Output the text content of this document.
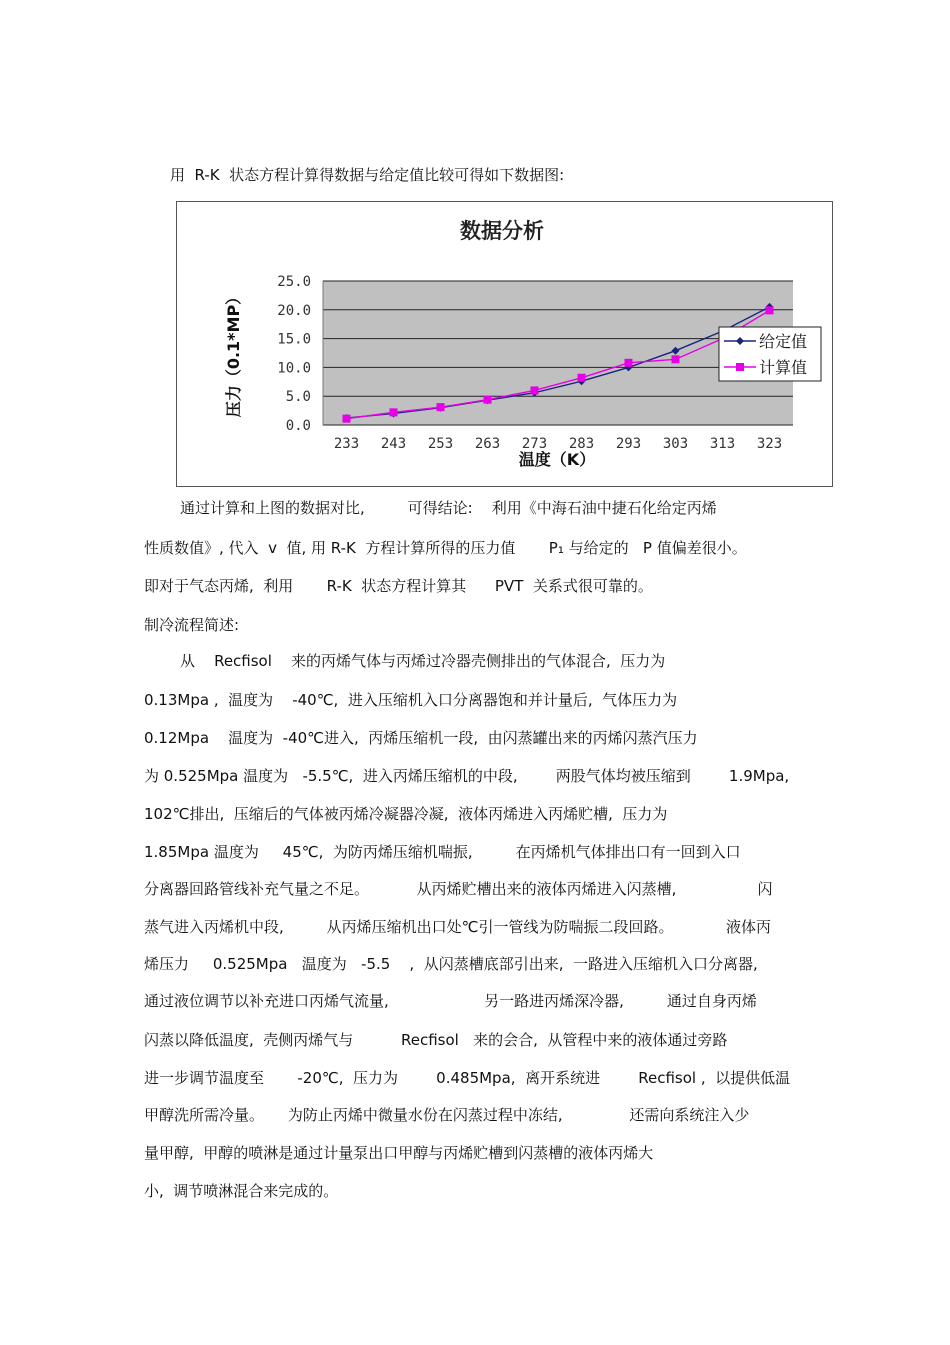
用  R-K  状态方程计算得数据与给定值比较可得如下数据图:
数据分析
压力（0.1*MP）
温度（K）
25.0
20.0
15.0
10.0
5.0
0.0
233 243 253 263 273 283 293 303 313 323
给定值
计算值
通过计算和上图的数据对比,         可得结论:    利用《中海石油中捷石化给定丙烯
性质数值》, 代入  v  值, 用 R-K  方程计算所得的压力值       P₁ 与给定的   P 值偏差很小。
即对于气态丙烯,  利用       R-K  状态方程计算其      PVT  关系式很可靠的。
制冷流程简述:
从    Recfisol    来的丙烯气体与丙烯过冷器壳侧排出的气体混合,  压力为
0.13Mpa ,  温度为    -40℃,  进入压缩机入口分离器饱和并计量后,  气体压力为
0.12Mpa    温度为  -40℃进入,  丙烯压缩机一段,  由闪蒸罐出来的丙烯闪蒸汽压力
为 0.525Mpa 温度为   -5.5℃,  进入丙烯压缩机的中段,        两股气体均被压缩到        1.9Mpa,
102℃排出,  压缩后的气体被丙烯冷凝器冷凝,  液体丙烯进入丙烯贮槽,  压力为
1.85Mpa 温度为     45℃,  为防丙烯压缩机喘振,         在丙烯机气体排出口有一回到入口
分离器回路管线补充气量之不足。          从丙烯贮槽出来的液体丙烯进入闪蒸槽,                 闪
蒸气进入丙烯机中段,         从丙烯压缩机出口处℃引一管线为防喘振二段回路。           液体丙
烯压力     0.525Mpa   温度为   -5.5    ,  从闪蒸槽底部引出来,  一路进入压缩机入口分离器,
通过液位调节以补充进口丙烯气流量,                    另一路进丙烯深冷器,         通过自身丙烯
闪蒸以降低温度,  壳侧丙烯气与          Recfisol   来的会合,  从管程中来的液体通过旁路
进一步调节温度至       -20℃,  压力为        0.485Mpa,  离开系统进        Recfisol ,  以提供低温
甲醇洗所需冷量。     为防止丙烯中微量水份在闪蒸过程中冻结,              还需向系统注入少
量甲醇,  甲醇的喷淋是通过计量泵出口甲醇与丙烯贮槽到闪蒸槽的液体丙烯大
小,  调节喷淋混合来完成的。
